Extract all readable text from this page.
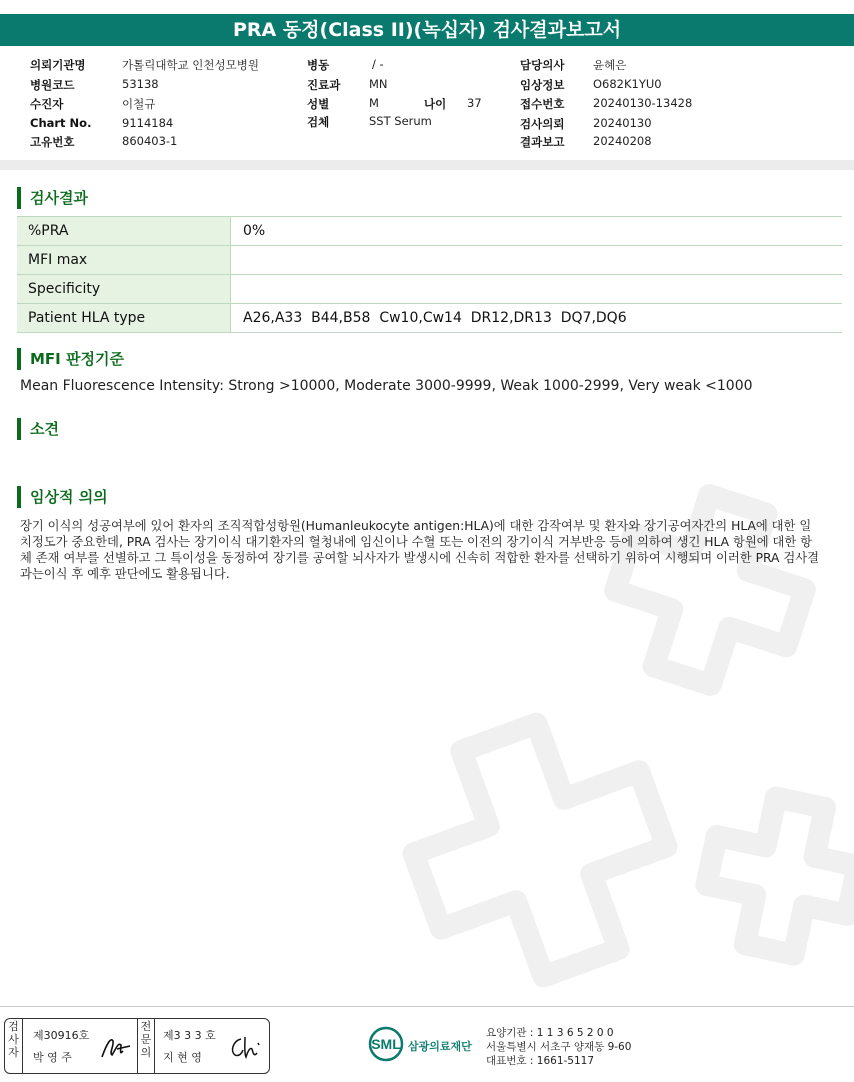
PRA 동정(Class II)(녹십자) 검사결과보고서
의뢰기관명	가톨릭대학교 인천성모병원
병원코드	53138
수진자	이철규
Chart No.	9114184
고유번호	860403-1
병동	/ -
진료과 MN
성별	M	나이 37
검체	SST Serum
담당의사 윤혜은
임상정보 O682K1YU0
접수번호 20240130-13428
검사의뢰 20240130
결과보고 20240208
검사결과
%PRA	0%
MFI max	
Specificity	
Patient HLA type	A26,A33  B44,B58  Cw10,Cw14  DR12,DR13  DQ7,DQ6
MFI 판정기준
Mean Fluorescence Intensity: Strong >10000, Moderate 3000-9999, Weak 1000-2999, Very weak <1000
소견
임상적 의의
장기 이식의 성공여부에 있어 환자의 조직적합성항원(Humanleukocyte antigen:HLA)에 대한 감작여부 및 환자와 장기공여자간의 HLA에 대한 일치정도가 중요한데, PRA 검사는 장기이식 대기환자의 혈청내에 임신이나 수혈 또는 이전의 장기이식 거부반응 등에 의하여 생긴 HLA 항원에 대한 항체 존재 여부를 선별하고 그 특이성을 동정하여 장기를 공여할 뇌사자가 발생시에 신속히 적합한 환자를 선택하기 위하여 시행되며 이러한 PRA 검사결과는이식 후 예후 판단에도 활용됩니다.
검
사
자
제30916호
박 영 주
전
문
의
제3 3 3 호
지 현 영
SML 삼광의료재단
요양기관 : 1 1 3 6 5 2 0 0
서울특별시 서초구 양재동 9-60
대표번호 : 1661-5117
